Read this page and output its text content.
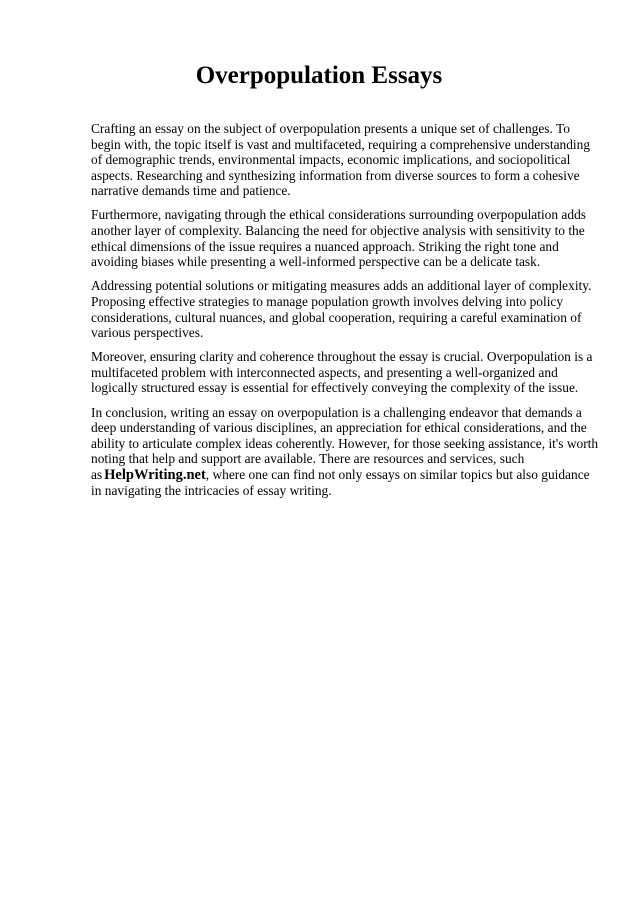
Overpopulation Essays

Crafting an essay on the subject of overpopulation presents a unique set of challenges. To begin with, the topic itself is vast and multifaceted, requiring a comprehensive understanding of demographic trends, environmental impacts, economic implications, and sociopolitical aspects. Researching and synthesizing information from diverse sources to form a cohesive narrative demands time and patience.

Furthermore, navigating through the ethical considerations surrounding overpopulation adds another layer of complexity. Balancing the need for objective analysis with sensitivity to the ethical dimensions of the issue requires a nuanced approach. Striking the right tone and avoiding biases while presenting a well-informed perspective can be a delicate task.

Addressing potential solutions or mitigating measures adds an additional layer of complexity. Proposing effective strategies to manage population growth involves delving into policy considerations, cultural nuances, and global cooperation, requiring a careful examination of various perspectives.

Moreover, ensuring clarity and coherence throughout the essay is crucial. Overpopulation is a multifaceted problem with interconnected aspects, and presenting a well-organized and logically structured essay is essential for effectively conveying the complexity of the issue.

In conclusion, writing an essay on overpopulation is a challenging endeavor that demands a deep understanding of various disciplines, an appreciation for ethical considerations, and the ability to articulate complex ideas coherently. However, for those seeking assistance, it's worth noting that help and support are available. There are resources and services, such as HelpWriting.net, where one can find not only essays on similar topics but also guidance in navigating the intricacies of essay writing.
